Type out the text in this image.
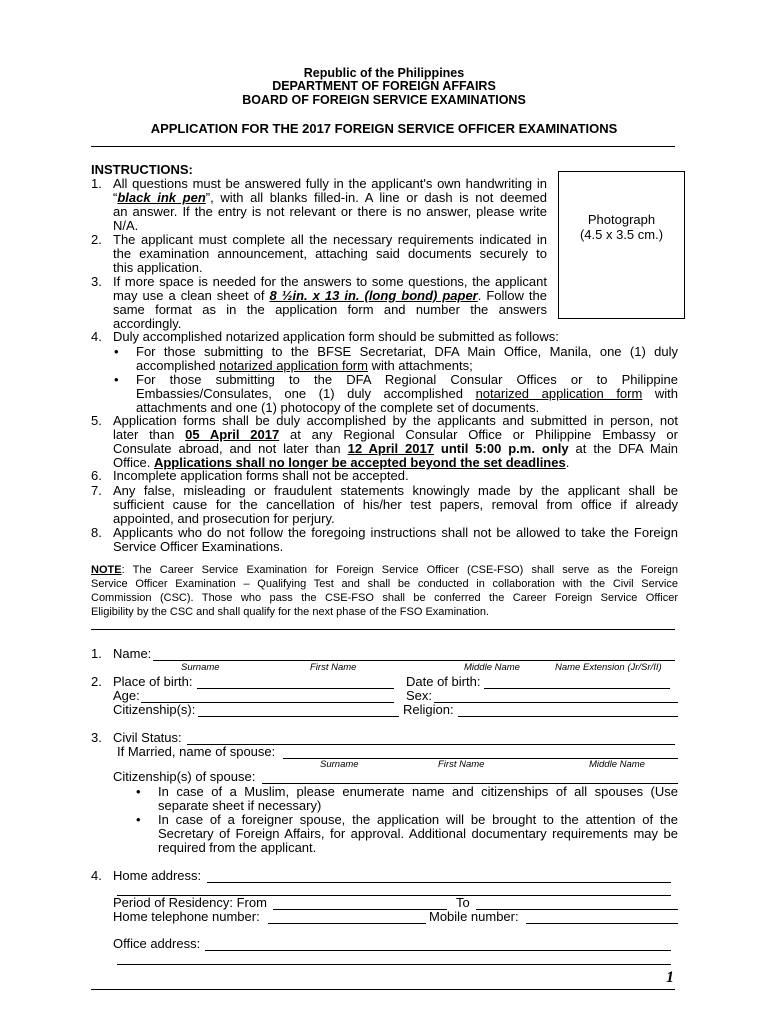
Republic of the Philippines
DEPARTMENT OF FOREIGN AFFAIRS
BOARD OF FOREIGN SERVICE EXAMINATIONS
APPLICATION FOR THE 2017 FOREIGN SERVICE OFFICER EXAMINATIONS
Photograph
(4.5 x 3.5 cm.)
INSTRUCTIONS:
1. All questions must be answered fully in the applicant's own handwriting in
“black ink pen”, with all blanks filled-in. A line or dash is not deemed
an answer. If the entry is not relevant or there is no answer, please write
N/A.
2. The applicant must complete all the necessary requirements indicated in
the examination announcement, attaching said documents securely to
this application.
3. If more space is needed for the answers to some questions, the applicant
may use a clean sheet of 8 ½in. x 13 in. (long bond) paper. Follow the
same format as in the application form and number the answers
accordingly.
4. Duly accomplished notarized application form should be submitted as follows:
• For those submitting to the BFSE Secretariat, DFA Main Office, Manila, one (1) duly
accomplished notarized application form with attachments;
• For those submitting to the DFA Regional Consular Offices or to Philippine
Embassies/Consulates, one (1) duly accomplished notarized application form with
attachments and one (1) photocopy of the complete set of documents.
5. Application forms shall be duly accomplished by the applicants and submitted in person, not
later than 05 April 2017 at any Regional Consular Office or Philippine Embassy or
Consulate abroad, and not later than 12 April 2017 until 5:00 p.m. only at the DFA Main
Office. Applications shall no longer be accepted beyond the set deadlines.
6. Incomplete application forms shall not be accepted.
7. Any false, misleading or fraudulent statements knowingly made by the applicant shall be
sufficient cause for the cancellation of his/her test papers, removal from office if already
appointed, and prosecution for perjury.
8. Applicants who do not follow the foregoing instructions shall not be allowed to take the Foreign
Service Officer Examinations.
NOTE: The Career Service Examination for Foreign Service Officer (CSE-FSO) shall serve as the Foreign
Service Officer Examination – Qualifying Test and shall be conducted in collaboration with the Civil Service
Commission (CSC). Those who pass the CSE-FSO shall be conferred the Career Foreign Service Officer
Eligibility by the CSC and shall qualify for the next phase of the FSO Examination.
1. Name:
Surname	First Name	Middle Name	Name Extension (Jr/Sr/II)
2. Place of birth:	Date of birth:
Age:	Sex:
Citizenship(s):	Religion:
3. Civil Status:
If Married, name of spouse:
Surname	First Name	Middle Name
Citizenship(s) of spouse:
• In case of a Muslim, please enumerate name and citizenships of all spouses (Use
separate sheet if necessary)
• In case of a foreigner spouse, the application will be brought to the attention of the
Secretary of Foreign Affairs, for approval. Additional documentary requirements may be
required from the applicant.
4. Home address:
Period of Residency: From	To
Home telephone number:	Mobile number:
Office address:
1
